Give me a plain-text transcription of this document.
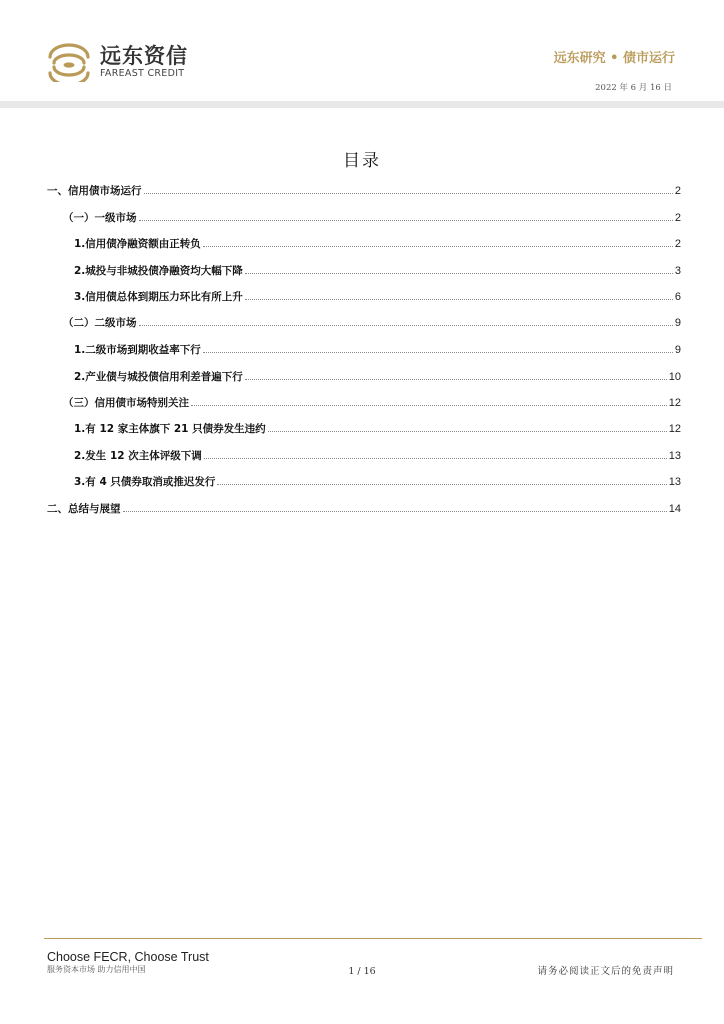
远东资信
FAREAST CREDIT
远东研究 • 债市运行
2022 年 6 月 16 日
目录
一、信用债市场运行	2
（一）一级市场	2
1.信用债净融资额由正转负	2
2.城投与非城投债净融资均大幅下降	3
3.信用债总体到期压力环比有所上升	6
（二）二级市场	9
1.二级市场到期收益率下行	9
2.产业债与城投债信用利差普遍下行	10
（三）信用债市场特别关注	12
1.有 12 家主体旗下 21 只债券发生违约	12
2.发生 12 次主体评级下调	13
3.有 4 只债券取消或推迟发行	13
二、总结与展望	14
Choose FECR, Choose Trust
服务资本市场 助力信用中国	1 / 16	请务必阅读正文后的免责声明
